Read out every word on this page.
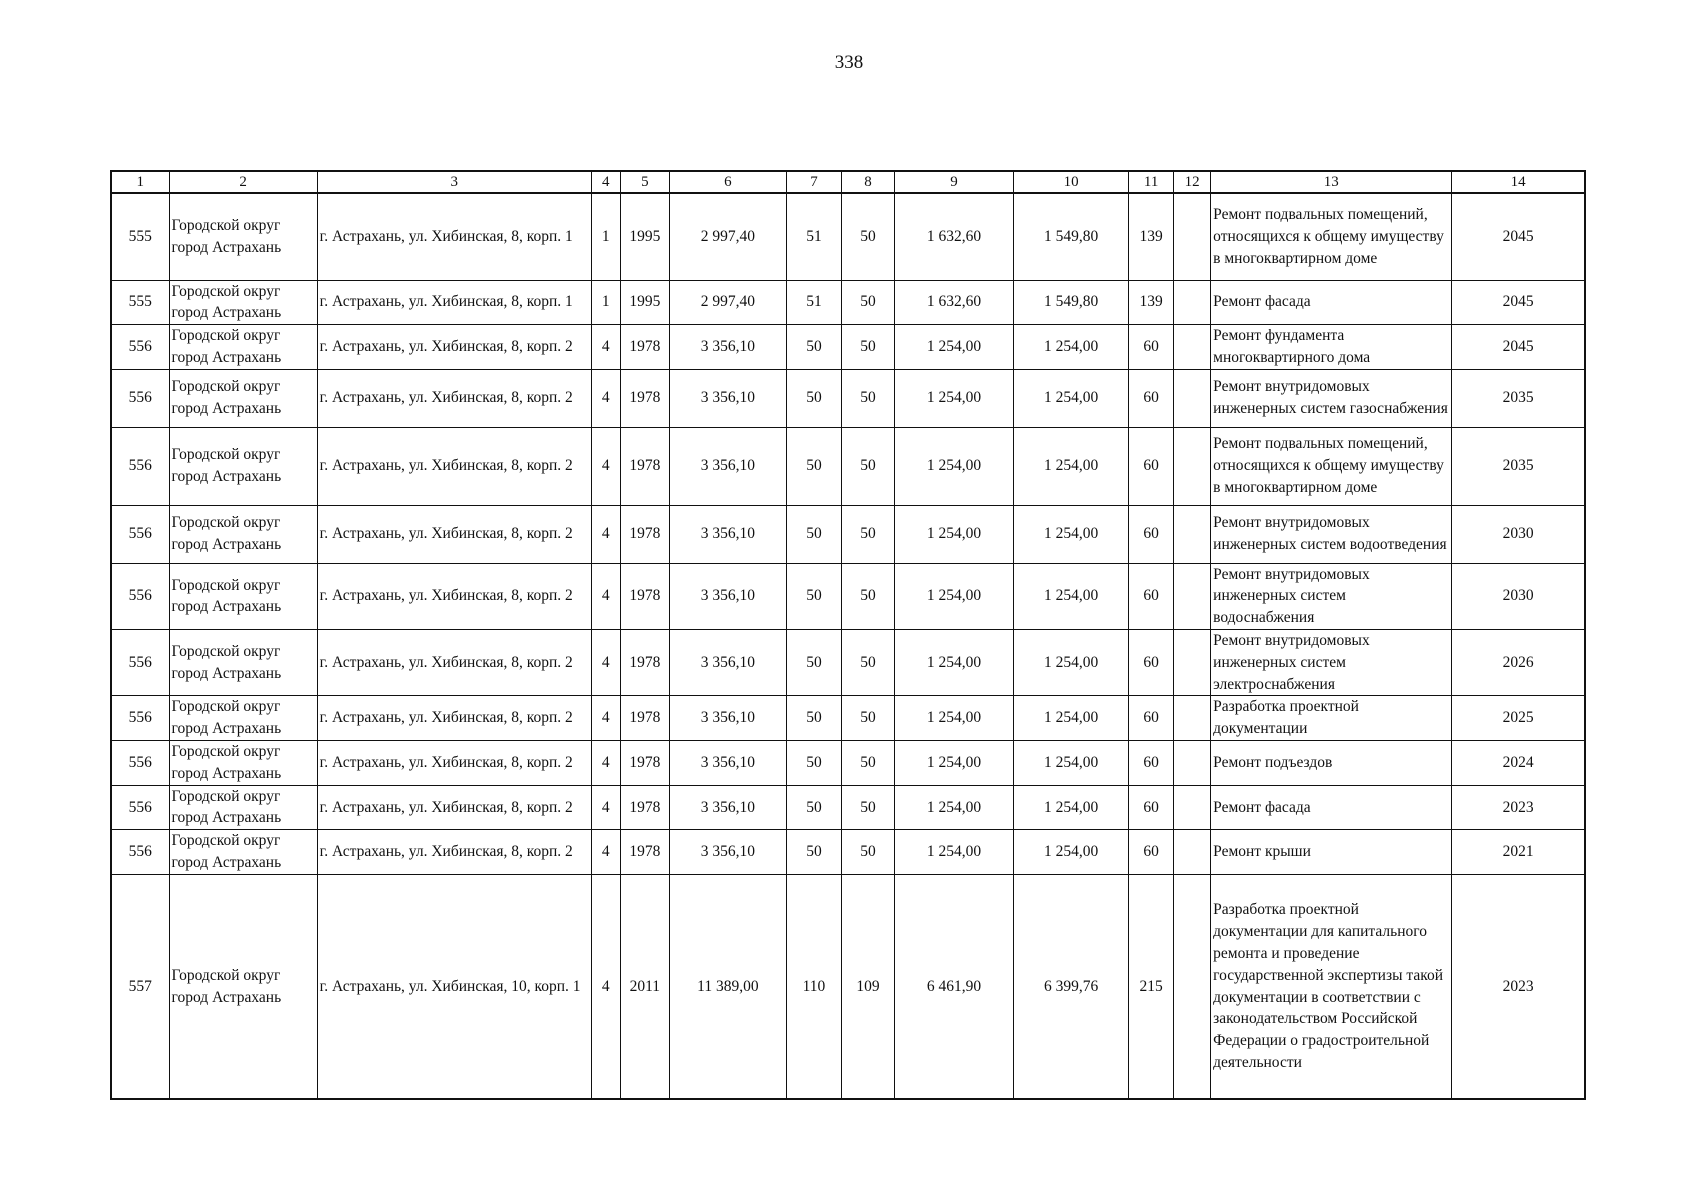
338
1	2	3	4	5	6	7	8	9	10	11	12	13	14
555	Городской округ город Астрахань	г. Астрахань, ул. Хибинская, 8, корп. 1	1	1995	2 997,40	51	50	1 632,60	1 549,80	139		Ремонт подвальных помещений, относящихся к общему имуществу в многоквартирном доме	2045
555	Городской округ город Астрахань	г. Астрахань, ул. Хибинская, 8, корп. 1	1	1995	2 997,40	51	50	1 632,60	1 549,80	139		Ремонт фасада	2045
556	Городской округ город Астрахань	г. Астрахань, ул. Хибинская, 8, корп. 2	4	1978	3 356,10	50	50	1 254,00	1 254,00	60		Ремонт фундамента многоквартирного дома	2045
556	Городской округ город Астрахань	г. Астрахань, ул. Хибинская, 8, корп. 2	4	1978	3 356,10	50	50	1 254,00	1 254,00	60		Ремонт внутридомовых инженерных систем газоснабжения	2035
556	Городской округ город Астрахань	г. Астрахань, ул. Хибинская, 8, корп. 2	4	1978	3 356,10	50	50	1 254,00	1 254,00	60		Ремонт подвальных помещений, относящихся к общему имуществу в многоквартирном доме	2035
556	Городской округ город Астрахань	г. Астрахань, ул. Хибинская, 8, корп. 2	4	1978	3 356,10	50	50	1 254,00	1 254,00	60		Ремонт внутридомовых инженерных систем водоотведения	2030
556	Городской округ город Астрахань	г. Астрахань, ул. Хибинская, 8, корп. 2	4	1978	3 356,10	50	50	1 254,00	1 254,00	60		Ремонт внутридомовых инженерных систем водоснабжения	2030
556	Городской округ город Астрахань	г. Астрахань, ул. Хибинская, 8, корп. 2	4	1978	3 356,10	50	50	1 254,00	1 254,00	60		Ремонт внутридомовых инженерных систем электроснабжения	2026
556	Городской округ город Астрахань	г. Астрахань, ул. Хибинская, 8, корп. 2	4	1978	3 356,10	50	50	1 254,00	1 254,00	60		Разработка проектной документации	2025
556	Городской округ город Астрахань	г. Астрахань, ул. Хибинская, 8, корп. 2	4	1978	3 356,10	50	50	1 254,00	1 254,00	60		Ремонт подъездов	2024
556	Городской округ город Астрахань	г. Астрахань, ул. Хибинская, 8, корп. 2	4	1978	3 356,10	50	50	1 254,00	1 254,00	60		Ремонт фасада	2023
556	Городской округ город Астрахань	г. Астрахань, ул. Хибинская, 8, корп. 2	4	1978	3 356,10	50	50	1 254,00	1 254,00	60		Ремонт крыши	2021
557	Городской округ город Астрахань	г. Астрахань, ул. Хибинская, 10, корп. 1	4	2011	11 389,00	110	109	6 461,90	6 399,76	215		Разработка проектной документации для капитального ремонта и проведение государственной экспертизы такой документации в соответствии с законодательством Российской Федерации о градостроительной деятельности	2023
